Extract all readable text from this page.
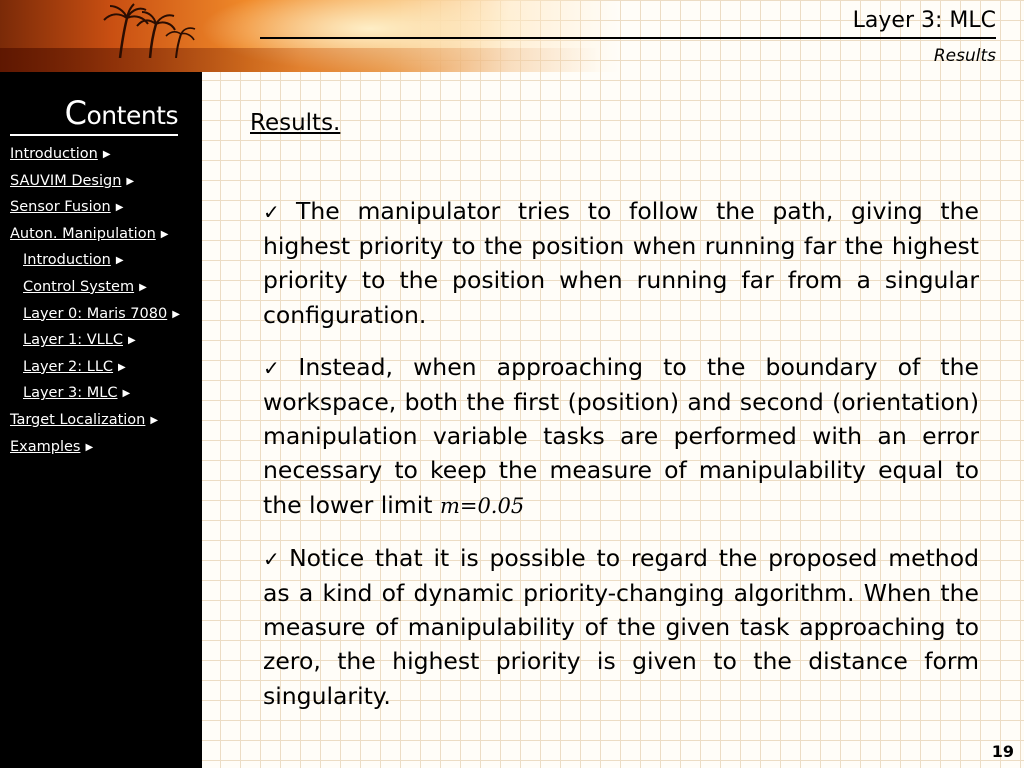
Layer 3: MLC
Results
Contents
Introduction ▶
SAUVIM Design ▶
Sensor Fusion ▶
Auton. Manipulation ▶
Introduction ▶
Control System ▶
Layer 0: Maris 7080 ▶
Layer 1: VLLC ▶
Layer 2: LLC ▶
Layer 3: MLC ▶
Target Localization ▶
Examples ▶
Results.

✓ The manipulator tries to follow the path, giving the highest priority to the position when running far the highest priority to the position when running far from a singular configuration.

✓ Instead, when approaching to the boundary of the workspace, both the first (position) and second (orientation) manipulation variable tasks are performed with an error necessary to keep the measure of manipulability equal to the lower limit m=0.05

✓ Notice that it is possible to regard the proposed method as a kind of dynamic priority-changing algorithm. When the measure of manipulability of the given task approaching to zero, the highest priority is given to the distance form singularity.

19
